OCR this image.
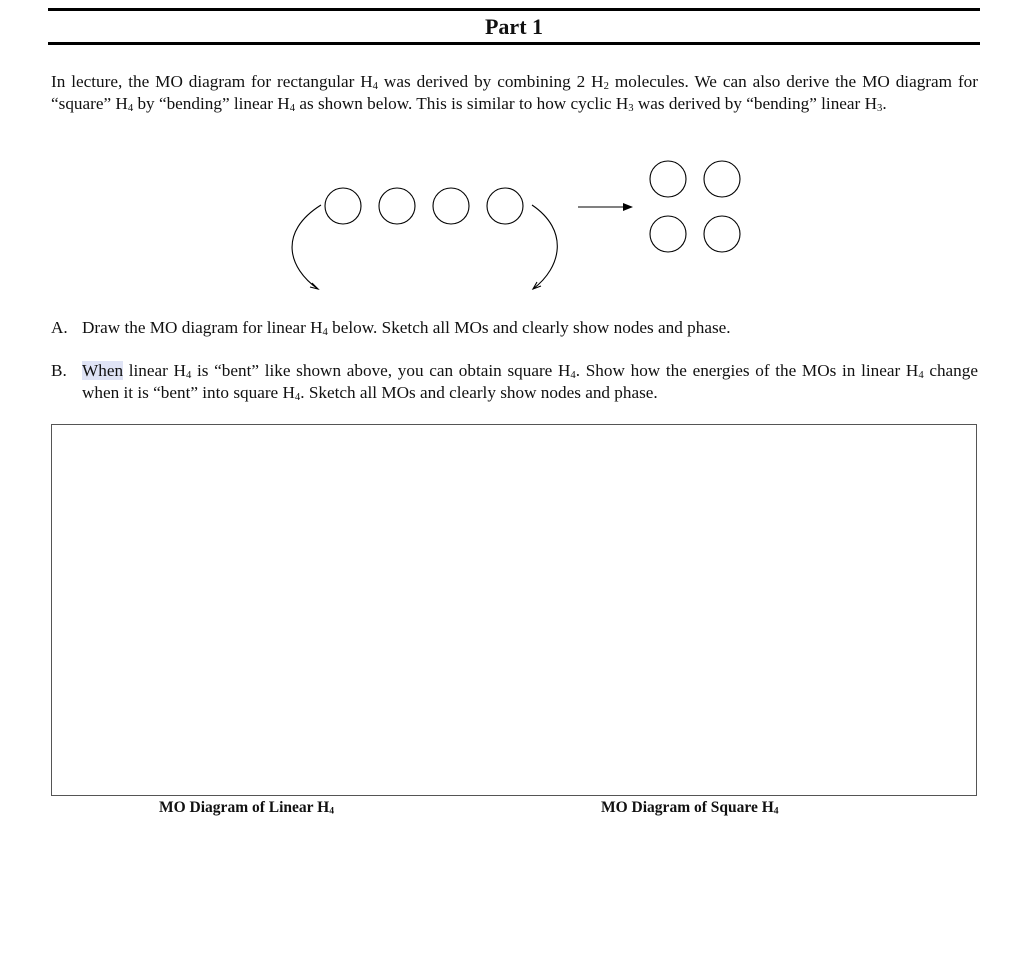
Part 1

In lecture, the MO diagram for rectangular $H_4$ was derived by combining 2 $H_2$ molecules. We can also derive the MO diagram for “square” $H_4$ by “bending” linear $H_4$ as shown below. This is similar to how cyclic $H_3$ was derived by “bending” linear $H_3$.

A. Draw the MO diagram for linear $H_4$ below. Sketch all MOs and clearly show nodes and phase.
B. When linear $H_4$ is “bent” like shown above, you can obtain square $H_4$. Show how the energies of the MOs in linear $H_4$ change when it is “bent” into square $H_4$. Sketch all MOs and clearly show nodes and phase.
MO Diagram of Linear $H_4$	MO Diagram of Square $H_4$
